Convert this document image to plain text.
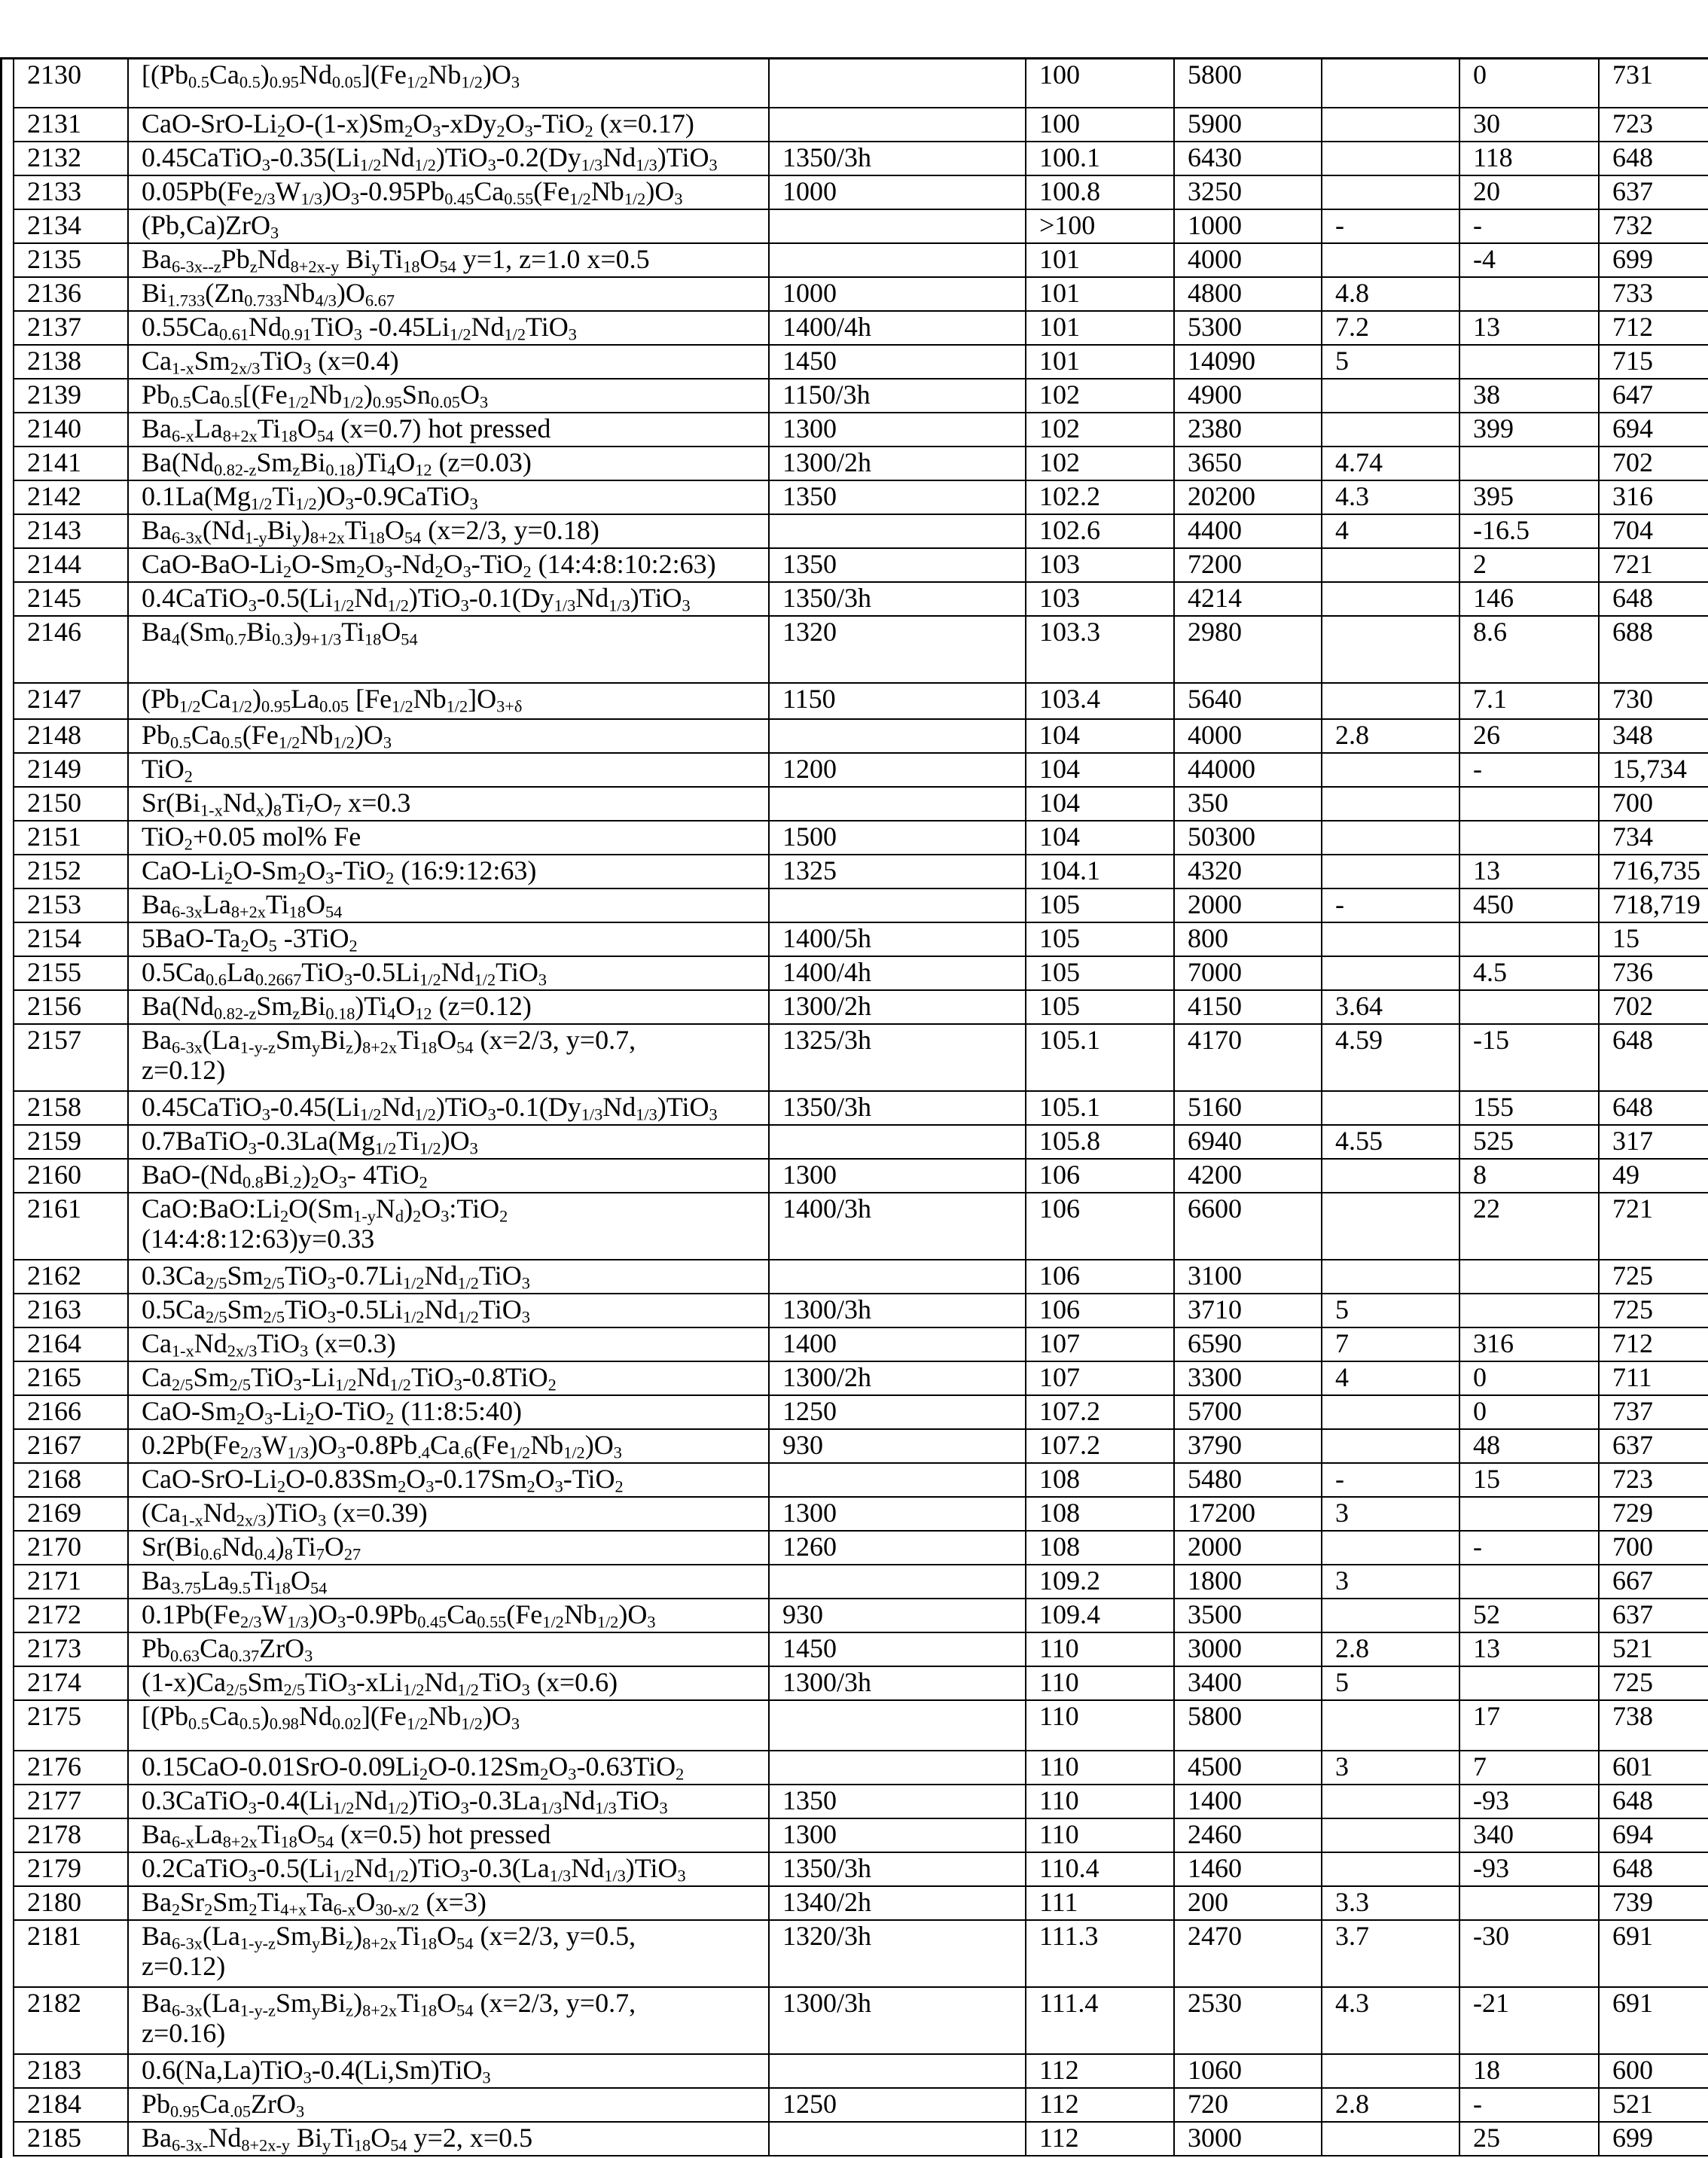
2130	$[(Pb_{0.5}Ca_{0.5})_{0.95}Nd_{0.05}](Fe_{1/2}Nb_{1/2})O_3$		100	5800		0	731
2131	CaO-$SrO-Li_2O-(1-x)Sm_2O_3-xDy_2O_3-TiO_2$ (x=0.17)		100	5900		30	723
2132	$0.45CaTiO_3-0.35(Li_{1/2}Nd_{1/2})TiO_3-0.2(Dy_{1/3}Nd_{1/3})TiO_3$	1350/3h	100.1	6430		118	648
2133	$0.05Pb(Fe_{2/3}W_{1/3})O_3-0.95Pb_{0.45}Ca_{0.55}(Fe_{1/2}Nb_{1/2})O_3$	1000	100.8	3250		20	637
2134	(Pb,Ca)ZrO$_3$		>100	1000	-	-	732
2135	$Ba_{6-3x--z}Pb_zNd_{8+2x-y}$ $Bi_yTi_{18}O_{54}$ y=1, z=1.0 x=0.5		101	4000		-4	699
2136	$Bi_{1.733}(Zn_{0.733}Nb_{4/3})O_{6.67}$	1000	101	4800	4.8		733
2137	$0.55Ca_{0.61}Nd_{0.91}TiO_3$ $-0.45Li_{1/2}Nd_{1/2}TiO_3$	1400/4h	101	5300	7.2	13	712
2138	$Ca_{1-x}Sm_{2x/3}TiO_3$ (x=0.4)	1450	101	14090	5		715
2139	$Pb_{0.5}Ca_{0.5}[(Fe_{1/2}Nb_{1/2})_{0.95}Sn_{0.05}O_3$	1150/3h	102	4900		38	647
2140	$Ba_{6-x}La_{8+2x}Ti_{18}O_{54}$ (x=0.7) hot pressed	1300	102	2380		399	694
2141	$Ba(Nd_{0.82-z}Sm_zBi_{0.18})Ti_4O_{12}$ (z=0.03)	1300/2h	102	3650	4.74		702
2142	$0.1La(Mg_{1/2}Ti_{1/2})O_3-0.9CaTiO_3$	1350	102.2	20200	4.3	395	316
2143	$Ba_{6-3x}(Nd_{1-y}Bi_y)_{8+2x}Ti_{18}O_{54}$ (x=2/3, y=0.18)		102.6	4400	4	-16.5	704
2144	CaO-$BaO-Li_2O-Sm_2O_3-Nd_2O_3-TiO_2$ (14:4:8:10:2:63)	1350	103	7200		2	721
2145	$0.4CaTiO_3-0.5(Li_{1/2}Nd_{1/2})TiO_3-0.1(Dy_{1/3}Nd_{1/3})TiO_3$	1350/3h	103	4214		146	648
2146	$Ba_4(Sm_{0.7}Bi_{0.3})_{9+1/3}Ti_{18}O_{54}$	1320	103.3	2980		8.6	688
2147	$(Pb_{1/2}Ca_{1/2})_{0.95}La_{0.05}$ $[Fe_{1/2}Nb_{1/2}]O_{3+\delta}$	1150	103.4	5640		7.1	730
2148	$Pb_{0.5}Ca_{0.5}(Fe_{1/2}Nb_{1/2})O_3$		104	4000	2.8	26	348
2149	TiO$_2$	1200	104	44000		-	15,734
2150	$Sr(Bi_{1-x}Nd_x)_8Ti_7O_7$ x=0.3		104	350			700
2151	TiO$_2$+0.05 mol% Fe	1500	104	50300			734
2152	CaO-$Li_2O-Sm_2O_3-TiO_2$ (16:9:12:63)	1325	104.1	4320		13	716,735
2153	$Ba_{6-3x}La_{8+2x}Ti_{18}O_{54}$		105	2000	-	450	718,719
2154	$5BaO-Ta_2O_5$ -3TiO$_2$	1400/5h	105	800			15
2155	$0.5Ca_{0.6}La_{0.2667}TiO_3-0.5Li_{1/2}Nd_{1/2}TiO_3$	1400/4h	105	7000		4.5	736
2156	$Ba(Nd_{0.82-z}Sm_zBi_{0.18})Ti_4O_{12}$ (z=0.12)	1300/2h	105	4150	3.64		702
2157	$Ba_{6-3x}(La_{1-y-z}Sm_yBi_z)_{8+2x}Ti_{18}O_{54}$ (x=2/3, y=0.7,
z=0.12)	1325/3h	105.1	4170	4.59	-15	648
2158	$0.45CaTiO_3-0.45(Li_{1/2}Nd_{1/2})TiO_3-0.1(Dy_{1/3}Nd_{1/3})TiO_3$	1350/3h	105.1	5160		155	648
2159	$0.7BaTiO_3-0.3La(Mg_{1/2}Ti_{1/2})O_3$		105.8	6940	4.55	525	317
2160	BaO-$(Nd_{0.8}Bi_{.2})_2O_3-$ 4TiO$_2$	1300	106	4200		8	49
2161	$CaO:BaO:Li_2O(Sm_{1-y}N_d)_2O_3:TiO_2$
(14:4:8:12:63)y=0.33	1400/3h	106	6600		22	721
2162	$0.3Ca_{2/5}Sm_{2/5}TiO_3-0.7Li_{1/2}Nd_{1/2}TiO_3$		106	3100			725
2163	$0.5Ca_{2/5}Sm_{2/5}TiO_3-0.5Li_{1/2}Nd_{1/2}TiO_3$	1300/3h	106	3710	5		725
2164	$Ca_{1-x}Nd_{2x/3}TiO_3$ (x=0.3)	1400	107	6590	7	316	712
2165	$Ca_{2/5}Sm_{2/5}TiO_3-Li_{1/2}Nd_{1/2}TiO_3-0.8TiO_2$	1300/2h	107	3300	4	0	711
2166	CaO-$Sm_2O_3-Li_2O-TiO_2$ (11:8:5:40)	1250	107.2	5700		0	737
2167	$0.2Pb(Fe_{2/3}W_{1/3})O_3-0.8Pb_{.4}Ca_{.6}(Fe_{1/2}Nb_{1/2})O_3$	930	107.2	3790		48	637
2168	CaO-$SrO-Li_2O-0.83Sm_2O_3-0.17Sm_2O_3-TiO_2$		108	5480	-	15	723
2169	$(Ca_{1-x}Nd_{2x/3})TiO_3$ (x=0.39)	1300	108	17200	3		729
2170	$Sr(Bi_{0.6}Nd_{0.4})_8Ti_7O_{27}$	1260	108	2000		-	700
2171	$Ba_{3.75}La_{9.5}Ti_{18}O_{54}$		109.2	1800	3		667
2172	$0.1Pb(Fe_{2/3}W_{1/3})O_3-0.9Pb_{0.45}Ca_{0.55}(Fe_{1/2}Nb_{1/2})O_3$	930	109.4	3500		52	637
2173	$Pb_{0.63}Ca_{0.37}ZrO_3$	1450	110	3000	2.8	13	521
2174	$(1-x)Ca_{2/5}Sm_{2/5}TiO_3-xLi_{1/2}Nd_{1/2}TiO_3$ (x=0.6)	1300/3h	110	3400	5		725
2175	$[(Pb_{0.5}Ca_{0.5})_{0.98}Nd_{0.02}](Fe_{1/2}Nb_{1/2})O_3$		110	5800		17	738
2176	$0.15CaO-0.01SrO-0.09Li_2O-0.12Sm_2O_3-0.63TiO_2$		110	4500	3	7	601
2177	$0.3CaTiO_3-0.4(Li_{1/2}Nd_{1/2})TiO_3-0.3La_{1/3}Nd_{1/3}TiO_3$	1350	110	1400		-93	648
2178	$Ba_{6-x}La_{8+2x}Ti_{18}O_{54}$ (x=0.5) hot pressed	1300	110	2460		340	694
2179	$0.2CaTiO_3-0.5(Li_{1/2}Nd_{1/2})TiO_3-0.3(La_{1/3}Nd_{1/3})TiO_3$	1350/3h	110.4	1460		-93	648
2180	$Ba_2Sr_2Sm_2Ti_{4+x}Ta_{6-x}O_{30-x/2}$ (x=3)	1340/2h	111	200	3.3		739
2181	$Ba_{6-3x}(La_{1-y-z}Sm_yBi_z)_{8+2x}Ti_{18}O_{54}$ (x=2/3, y=0.5,
z=0.12)	1320/3h	111.3	2470	3.7	-30	691
2182	$Ba_{6-3x}(La_{1-y-z}Sm_yBi_z)_{8+2x}Ti_{18}O_{54}$ (x=2/3, y=0.7,
z=0.16)	1300/3h	111.4	2530	4.3	-21	691
2183	0.6(Na,La)TiO$_3$-0.4(Li,Sm)TiO$_3$		112	1060		18	600
2184	$Pb_{0.95}Ca_{.05}ZrO_3$	1250	112	720	2.8	-	521
2185	$Ba_{6-3x-}Nd_{8+2x-y}$ $Bi_yTi_{18}O_{54}$ y=2, x=0.5		112	3000		25	699
